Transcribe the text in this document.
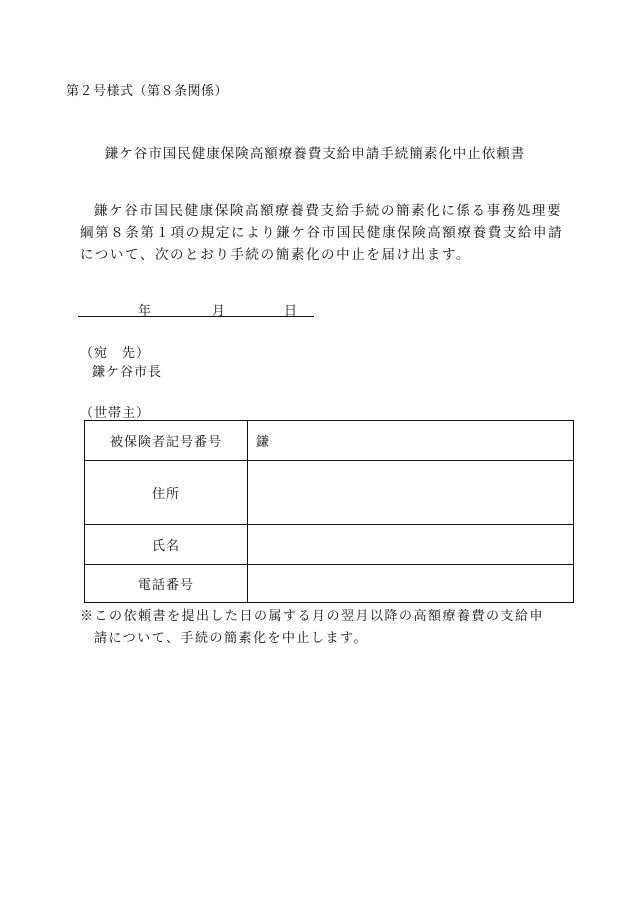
第２号様式（第８条関係）
鎌ケ谷市国民健康保険高額療養費支給申請手続簡素化中止依頼書
鎌ケ谷市国民健康保険高額療養費支給手続の簡素化に係る事務処理要
綱第８条第１項の規定により鎌ケ谷市国民健康保険高額療養費支給申請
について、次のとおり手続の簡素化の中止を届け出ます。
年	月	日
（宛　先）
鎌ケ谷市長
（世帯主）
被保険者記号番号	鎌
住所	
氏名	
電話番号	
※この依頼書を提出した日の属する月の翌月以降の高額療養費の支給申
請について、手続の簡素化を中止します。
